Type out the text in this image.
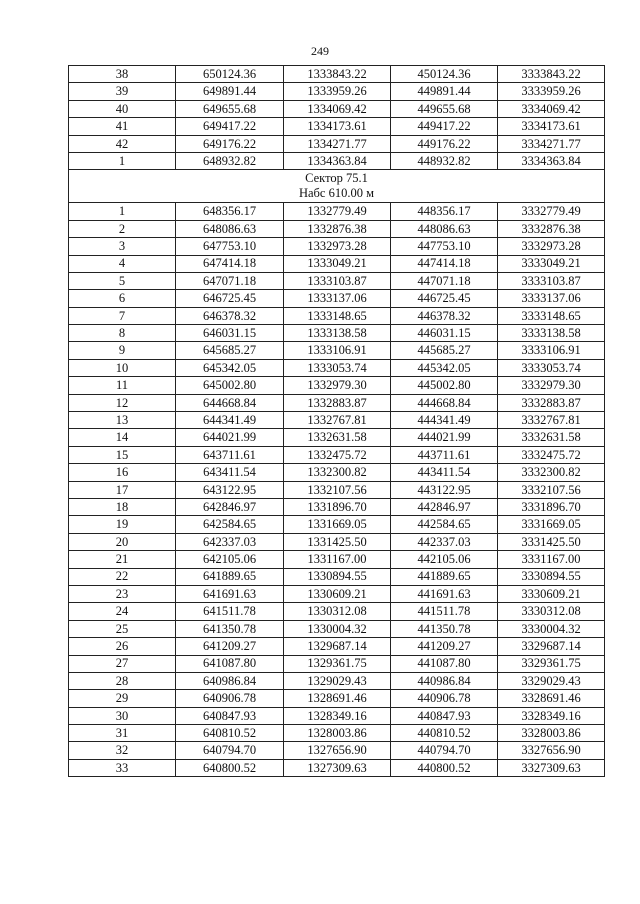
249
38	650124.36	1333843.22	450124.36	3333843.22
39	649891.44	1333959.26	449891.44	3333959.26
40	649655.68	1334069.42	449655.68	3334069.42
41	649417.22	1334173.61	449417.22	3334173.61
42	649176.22	1334271.77	449176.22	3334271.77
1	648932.82	1334363.84	448932.82	3334363.84

Сектор 75.1
Набс 610.00 м				

1	648356.17	1332779.49	448356.17	3332779.49
2	648086.63	1332876.38	448086.63	3332876.38
3	647753.10	1332973.28	447753.10	3332973.28
4	647414.18	1333049.21	447414.18	3333049.21
5	647071.18	1333103.87	447071.18	3333103.87
6	646725.45	1333137.06	446725.45	3333137.06
7	646378.32	1333148.65	446378.32	3333148.65
8	646031.15	1333138.58	446031.15	3333138.58
9	645685.27	1333106.91	445685.27	3333106.91
10	645342.05	1333053.74	445342.05	3333053.74
11	645002.80	1332979.30	445002.80	3332979.30
12	644668.84	1332883.87	444668.84	3332883.87
13	644341.49	1332767.81	444341.49	3332767.81
14	644021.99	1332631.58	444021.99	3332631.58
15	643711.61	1332475.72	443711.61	3332475.72
16	643411.54	1332300.82	443411.54	3332300.82
17	643122.95	1332107.56	443122.95	3332107.56
18	642846.97	1331896.70	442846.97	3331896.70
19	642584.65	1331669.05	442584.65	3331669.05
20	642337.03	1331425.50	442337.03	3331425.50
21	642105.06	1331167.00	442105.06	3331167.00
22	641889.65	1330894.55	441889.65	3330894.55
23	641691.63	1330609.21	441691.63	3330609.21
24	641511.78	1330312.08	441511.78	3330312.08
25	641350.78	1330004.32	441350.78	3330004.32
26	641209.27	1329687.14	441209.27	3329687.14
27	641087.80	1329361.75	441087.80	3329361.75
28	640986.84	1329029.43	440986.84	3329029.43
29	640906.78	1328691.46	440906.78	3328691.46
30	640847.93	1328349.16	440847.93	3328349.16
31	640810.52	1328003.86	440810.52	3328003.86
32	640794.70	1327656.90	440794.70	3327656.90
33	640800.52	1327309.63	440800.52	3327309.63
